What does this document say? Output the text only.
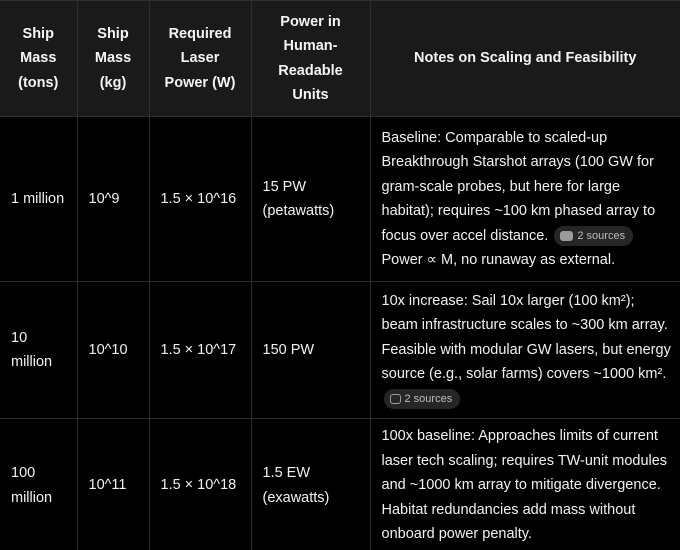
Ship Mass (tons)	Ship Mass (kg)	Required Laser Power (W)	Power in Human-Readable Units	Notes on Scaling and Feasibility
1 million	10^9	1.5 × 10^16	15 PW (petawatts)	Baseline: Comparable to scaled-up Breakthrough Starshot arrays (100 GW for gram-scale probes, but here for large habitat); requires ~100 km phased array to focus over accel distance. 2 sources Power ∝ M, no runaway as external.
10 million	10^10	1.5 × 10^17	150 PW	10x increase: Sail 10x larger (100 km²); beam infrastructure scales to ~300 km array. Feasible with modular GW lasers, but energy source (e.g., solar farms) covers ~1000 km². 2 sources
100 million	10^11	1.5 × 10^18	1.5 EW (exawatts)	100x baseline: Approaches limits of current laser tech scaling; requires TW-unit modules and ~1000 km array to mitigate divergence. Habitat redundancies add mass without onboard power penalty.
